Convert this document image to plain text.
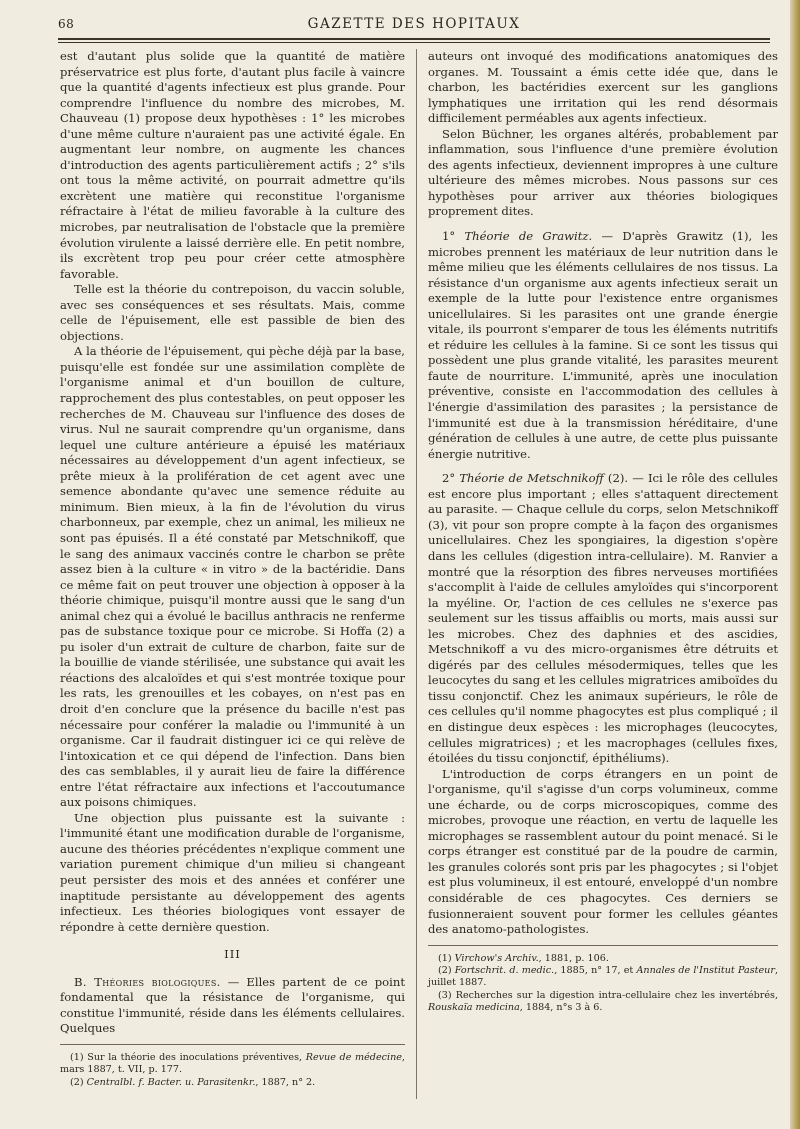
68	GAZETTE DES HOPITAUX

est d'autant plus solide que la quantité de matière préservatrice est plus forte, d'autant plus facile à vaincre que la quantité d'agents infectieux est plus grande. Pour comprendre l'influence du nombre des microbes, M. Chauveau (1) propose deux hypothèses : 1° les microbes d'une même culture n'auraient pas une activité égale. En augmentant leur nombre, on augmente les chances d'introduction des agents particulièrement actifs ; 2° s'ils ont tous la même activité, on pourrait admettre qu'ils excrètent une matière qui reconstitue l'organisme réfractaire à l'état de milieu favorable à la culture des microbes, par neutralisation de l'obstacle que la première évolution virulente a laissé derrière elle. En petit nombre, ils excrètent trop peu pour créer cette atmosphère favorable.

Telle est la théorie du contrepoison, du vaccin soluble, avec ses conséquences et ses résultats. Mais, comme celle de l'épuisement, elle est passible de bien des objections.

A la théorie de l'épuisement, qui pèche déjà par la base, puisqu'elle est fondée sur une assimilation complète de l'organisme animal et d'un bouillon de culture, rapprochement des plus contestables, on peut opposer les recherches de M. Chauveau sur l'influence des doses de virus. Nul ne saurait comprendre qu'un organisme, dans lequel une culture antérieure a épuisé les matériaux nécessaires au développement d'un agent infectieux, se prête mieux à la prolifération de cet agent avec une semence abondante qu'avec une semence réduite au minimum. Bien mieux, à la fin de l'évolution du virus charbonneux, par exemple, chez un animal, les milieux ne sont pas épuisés. Il a été constaté par Metschnikoff, que le sang des animaux vaccinés contre le charbon se prête assez bien à la culture « in vitro » de la bactéridie. Dans ce même fait on peut trouver une objection à opposer à la théorie chimique, puisqu'il montre aussi que le sang d'un animal chez qui a évolué le bacillus anthracis ne renferme pas de substance toxique pour ce microbe. Si Hoffa (2) a pu isoler d'un extrait de culture de charbon, faite sur de la bouillie de viande stérilisée, une substance qui avait les réactions des alcaloïdes et qui s'est montrée toxique pour les rats, les grenouilles et les cobayes, on n'est pas en droit d'en conclure que la présence du bacille n'est pas nécessaire pour conférer la maladie ou l'immunité à un organisme. Car il faudrait distinguer ici ce qui relève de l'intoxication et ce qui dépend de l'infection. Dans bien des cas semblables, il y aurait lieu de faire la différence entre l'état réfractaire aux infections et l'accoutumance aux poisons chimiques.

Une objection plus puissante est la suivante : l'immunité étant une modification durable de l'organisme, aucune des théories précédentes n'explique comment une variation purement chimique d'un milieu si changeant peut persister des mois et des années et conférer une inaptitude persistante au développement des agents infectieux. Les théories biologiques vont essayer de répondre à cette dernière question.

III

B. Théories biologiques. — Elles partent de ce point fondamental que la résistance de l'organisme, qui constitue l'immunité, réside dans les éléments cellulaires. Quelques

(1) Sur la théorie des inoculations préventives, Revue de médecine, mars 1887, t. VII, p. 177.

(2) Centralbl. f. Bacter. u. Parasitenkr., 1887, n° 2.

auteurs ont invoqué des modifications anatomiques des organes. M. Toussaint a émis cette idée que, dans le charbon, les bactéridies exercent sur les ganglions lymphatiques une irritation qui les rend désormais difficilement perméables aux agents infectieux.

Selon Büchner, les organes altérés, probablement par inflammation, sous l'influence d'une première évolution des agents infectieux, deviennent impropres à une culture ultérieure des mêmes microbes. Nous passons sur ces hypothèses pour arriver aux théories biologiques proprement dites.

1° Théorie de Grawitz. — D'après Grawitz (1), les microbes prennent les matériaux de leur nutrition dans le même milieu que les éléments cellulaires de nos tissus. La résistance d'un organisme aux agents infectieux serait un exemple de la lutte pour l'existence entre organismes unicellulaires. Si les parasites ont une grande énergie vitale, ils pourront s'emparer de tous les éléments nutritifs et réduire les cellules à la famine. Si ce sont les tissus qui possèdent une plus grande vitalité, les parasites meurent faute de nourriture. L'immunité, après une inoculation préventive, consiste en l'accommodation des cellules à l'énergie d'assimilation des parasites ; la persistance de l'immunité est due à la transmission héréditaire, d'une génération de cellules à une autre, de cette plus puissante énergie nutritive.

2° Théorie de Metschnikoff (2). — Ici le rôle des cellules est encore plus important ; elles s'attaquent directement au parasite. — Chaque cellule du corps, selon Metschnikoff (3), vit pour son propre compte à la façon des organismes unicellulaires. Chez les spongiaires, la digestion s'opère dans les cellules (digestion intra-cellulaire). M. Ranvier a montré que la résorption des fibres nerveuses mortifiées s'accomplit à l'aide de cellules amyloïdes qui s'incorporent la myéline. Or, l'action de ces cellules ne s'exerce pas seulement sur les tissus affaiblis ou morts, mais aussi sur les microbes. Chez des daphnies et des ascidies, Metschnikoff a vu des micro-organismes être détruits et digérés par des cellules mésodermiques, telles que les leucocytes du sang et les cellules migratrices amiboïdes du tissu conjonctif. Chez les animaux supérieurs, le rôle de ces cellules qu'il nomme phagocytes est plus compliqué ; il en distingue deux espèces : les microphages (leucocytes, cellules migratrices) ; et les macrophages (cellules fixes, étoilées du tissu conjonctif, épithéliums).

L'introduction de corps étrangers en un point de l'organisme, qu'il s'agisse d'un corps volumineux, comme une écharde, ou de corps microscopiques, comme des microbes, provoque une réaction, en vertu de laquelle les microphages se rassemblent autour du point menacé. Si le corps étranger est constitué par de la poudre de carmin, les granules colorés sont pris par les phagocytes ; si l'objet est plus volumineux, il est entouré, enveloppé d'un nombre considérable de ces phagocytes. Ces derniers se fusionneraient souvent pour former les cellules géantes des anatomo-pathologistes.

(1) Virchow's Archiv., 1881, p. 106.

(2) Fortschrit. d. medic., 1885, n° 17, et Annales de l'Institut Pasteur, juillet 1887.

(3) Recherches sur la digestion intra-cellulaire chez les invertébrés, Rouskaïa medicina, 1884, n°s 3 à 6.
